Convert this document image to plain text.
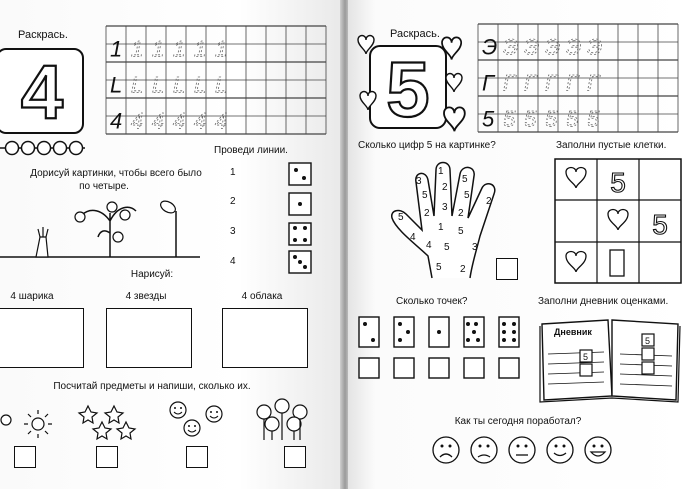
Раскрась.
4
1 1 1 1 1 1
L L L L L L
4 4 4 4 4 4
Дорисуй картинки, чтобы всего было
по четыре.
Проведи линии.
1
2
3
4
Нарисуй:
4 шарика	4 звезды	4 облака
Посчитай предметы и напиши, сколько их.
Раскрась.
5 Э Э Э Э Э Э
Г Г Г Г Г Г
5 5 5 5 5 5
Сколько цифр 5 на картинке?
3
1
5
5
2
5
2
5 2
3
2
4
1
4
5
5 3
5 2
Заполни пустые клетки.
5
5
Сколько точек?	Заполни дневник оценками.
Дневник
5
5
Как ты сегодня поработал?
